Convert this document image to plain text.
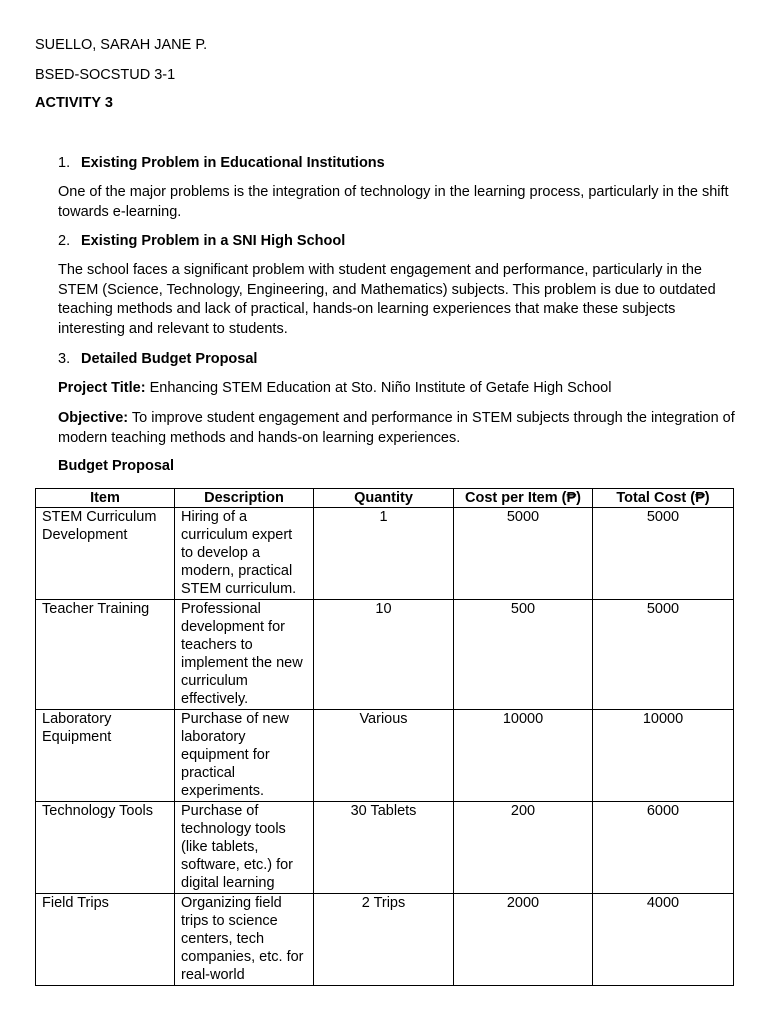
SUELLO, SARAH JANE P.

BSED-SOCSTUD 3-1

ACTIVITY 3

1. Existing Problem in Educational Institutions

One of the major problems is the integration of technology in the learning process, particularly in the shift towards e-learning.

2. Existing Problem in a SNI High School

The school faces a significant problem with student engagement and performance, particularly in the STEM (Science, Technology, Engineering, and Mathematics) subjects. This problem is due to outdated teaching methods and lack of practical, hands-on learning experiences that make these subjects interesting and relevant to students.

3. Detailed Budget Proposal

Project Title: Enhancing STEM Education at Sto. Niño Institute of Getafe High School

Objective: To improve student engagement and performance in STEM subjects through the integration of modern teaching methods and hands-on learning experiences.

Budget Proposal

Item	Description	Quantity	Cost per Item (₱)	Total Cost (₱)
STEM Curriculum Development	Hiring of a curriculum expert to develop a modern, practical STEM curriculum.	1	5000	5000
Teacher Training	Professional development for teachers to implement the new curriculum effectively.	10	500	5000
Laboratory Equipment	Purchase of new laboratory equipment for practical experiments.	Various	10000	10000
Technology Tools	Purchase of technology tools (like tablets, software, etc.) for digital learning	30 Tablets	200	6000
Field Trips	Organizing field trips to science centers, tech companies, etc. for real-world	2 Trips	2000	4000
